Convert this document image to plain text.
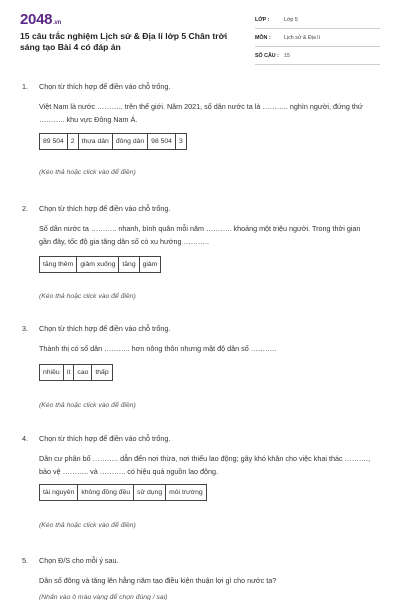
2048.vn
15 câu trắc nghiệm Lịch sử & Địa lí lớp 5 Chân trời sáng tạo Bài 4 có đáp án
LỚP :	Lớp 5
MÔN :	Lịch sử & Địa lí
SỐ CÂU : 15
1. Chọn từ thích hợp để điền vào chỗ trống.
Việt Nam là nước ……….. trên thế giới. Năm 2021, số dân nước ta là ……….. nghìn người, đứng thứ ……….. khu vực Đông Nam Á.
89 504	2	thưa dân	đông dân	98 504	3
(Kéo thả hoặc click vào để điền)
2. Chọn từ thích hợp để điền vào chỗ trống.
Số dân nước ta ……….. nhanh, bình quân mỗi năm ……….. khoảng một triệu người. Trong thời gian gần đây, tốc độ gia tăng dân số có xu hướng ………..
tăng thêm	giảm xuống	tăng	giảm
(Kéo thả hoặc click vào để điền)
3. Chọn từ thích hợp để điền vào chỗ trống.
Thành thị có số dân ……….. hơn nông thôn nhưng mật độ dân số ………..
nhiều	ít	cao	thấp
(Kéo thả hoặc click vào để điền)
4. Chọn từ thích hợp để điền vào chỗ trống.
Dân cư phân bố ……….. dẫn đến nơi thừa, nơi thiếu lao động; gây khó khăn cho việc khai thác ………., bảo vệ ……….. và ……….. có hiệu quả nguồn lao động.
tài nguyên	không đồng đều	sử dụng	môi trường
(Kéo thả hoặc click vào để điền)
5. Chọn Đ/S cho mỗi ý sau.
Dân số đông và tăng lên hằng năm tạo điều kiện thuận lợi gì cho nước ta?
(Nhấn vào ô màu vàng để chọn đúng / sai)
